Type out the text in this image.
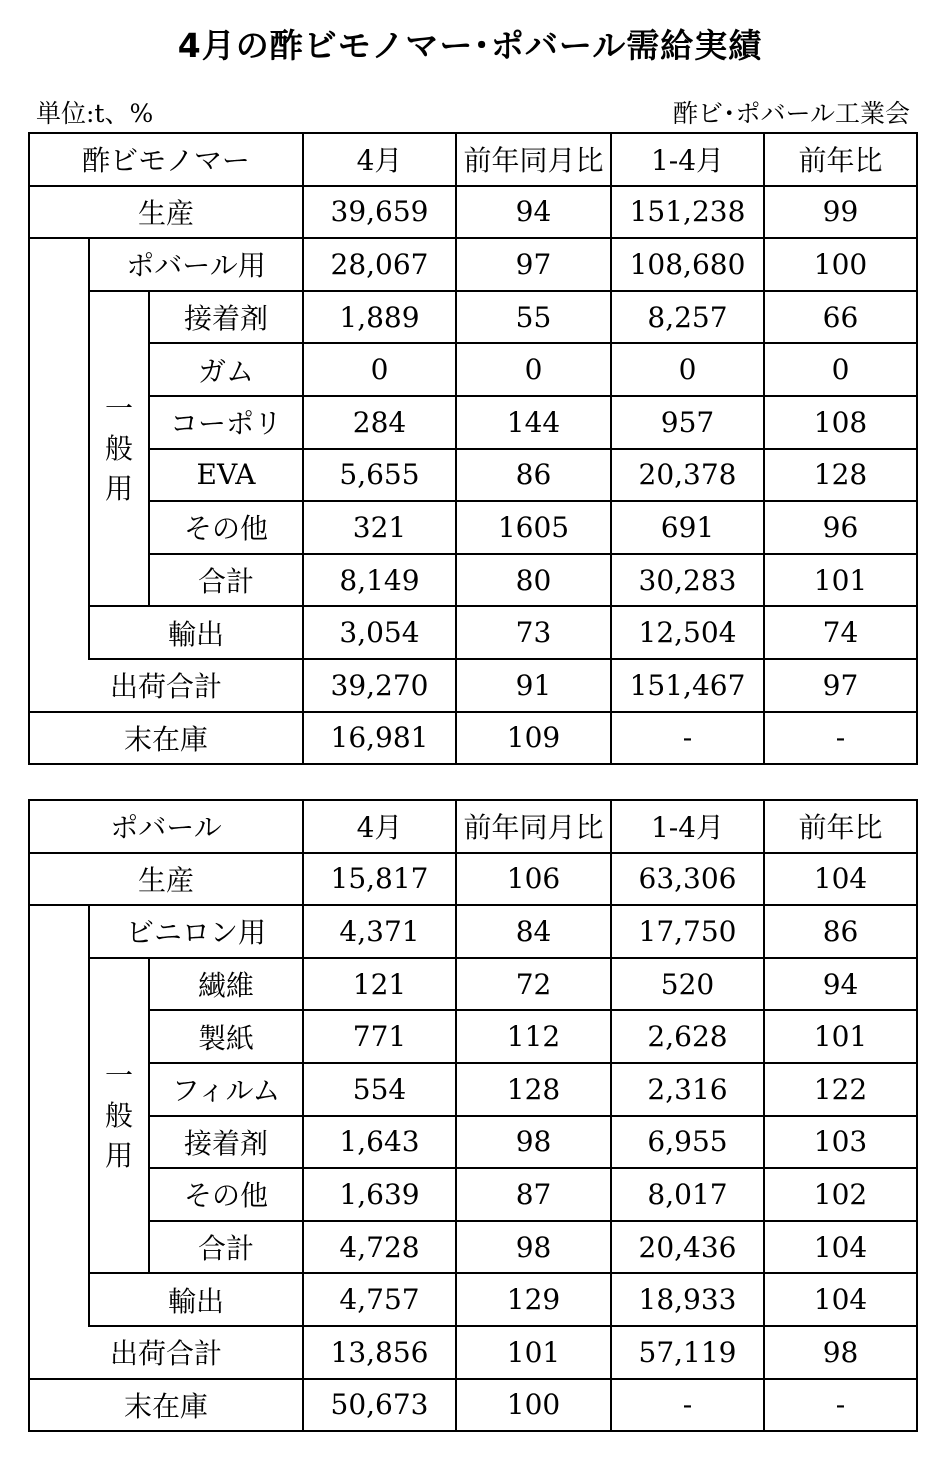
4月の酢ビモノマー･ポバール需給実績
単位:t、%	酢ビ･ポバール工業会
酢ビモノマー			4月	前年同月比	1-4月	前年比
生産			39,659	94	151,238	99
	ポバール用		28,067	97	108,680	100
	一般用	接着剤	1,889	55	8,257	66
		ガム	0	0	0	0
		コーポリ	284	144	957	108
		EVA	5,655	86	20,378	128
		その他	321	1605	691	96
		合計	8,149	80	30,283	101
	輸出		3,054	73	12,504	74
出荷合計			39,270	91	151,467	97
末在庫			16,981	109	-	-
ポバール			4月	前年同月比	1-4月	前年比
生産			15,817	106	63,306	104
	ビニロン用		4,371	84	17,750	86
	一般用	繊維	121	72	520	94
		製紙	771	112	2,628	101
		フィルム	554	128	2,316	122
		接着剤	1,643	98	6,955	103
		その他	1,639	87	8,017	102
		合計	4,728	98	20,436	104
	輸出		4,757	129	18,933	104
出荷合計			13,856	101	57,119	98
末在庫			50,673	100	-	-
